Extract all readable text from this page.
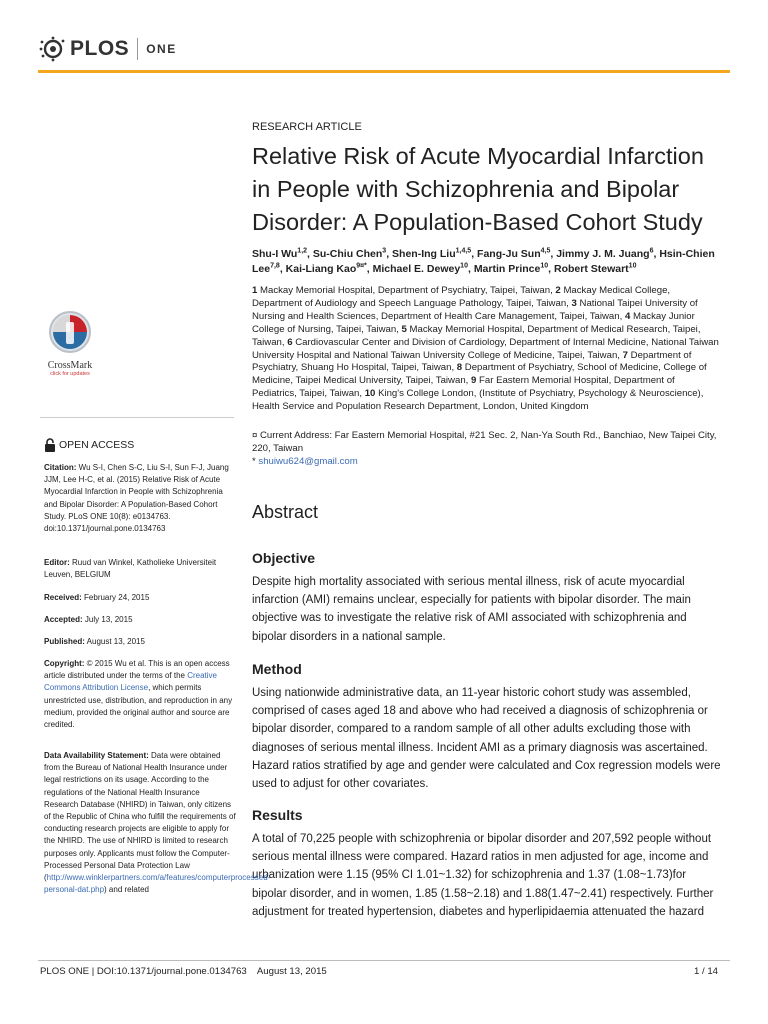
PLOS ONE
RESEARCH ARTICLE
Relative Risk of Acute Myocardial Infarction in People with Schizophrenia and Bipolar Disorder: A Population-Based Cohort Study
Shu-I Wu$^{1,2}$, Su-Chiu Chen$^3$, Shen-Ing Liu$^{1,4,5}$, Fang-Ju Sun$^{4,5}$, Jimmy J. M. Juang$^6$, Hsin-Chien Lee$^{7,8}$, Kai-Liang Kao$^{9¤*}$, Michael E. Dewey$^{10}$, Martin Prince$^{10}$, Robert Stewart$^{10}$
1 Mackay Memorial Hospital, Department of Psychiatry, Taipei, Taiwan, 2 Mackay Medical College, Department of Audiology and Speech Language Pathology, Taipei, Taiwan, 3 National Taipei University of Nursing and Health Sciences, Department of Health Care Management, Taipei, Taiwan, 4 Mackay Junior College of Nursing, Taipei, Taiwan, 5 Mackay Memorial Hospital, Department of Medical Research, Taipei, Taiwan, 6 Cardiovascular Center and Division of Cardiology, Department of Internal Medicine, National Taiwan University Hospital and National Taiwan University College of Medicine, Taipei, Taiwan, 7 Department of Psychiatry, Shuang Ho Hospital, Taipei, Taiwan, 8 Department of Psychiatry, School of Medicine, College of Medicine, Taipei Medical University, Taipei, Taiwan, 9 Far Eastern Memorial Hospital, Department of Pediatrics, Taipei, Taiwan, 10 King's College London, (Institute of Psychiatry, Psychology & Neuroscience), Health Service and Population Research Department, London, United Kingdom
¤ Current Address: Far Eastern Memorial Hospital, #21 Sec. 2, Nan-Ya South Rd., Banchiao, New Taipei City, 220, Taiwan
* shuiwu624@gmail.com
Abstract
Objective
Despite high mortality associated with serious mental illness, risk of acute myocardial infarction (AMI) remains unclear, especially for patients with bipolar disorder. The main objective was to investigate the relative risk of AMI associated with schizophrenia and bipolar disorders in a national sample.
Method
Using nationwide administrative data, an 11-year historic cohort study was assembled, comprised of cases aged 18 and above who had received a diagnosis of schizophrenia or bipolar disorder, compared to a random sample of all other adults excluding those with diagnoses of serious mental illness. Incident AMI as a primary diagnosis was ascertained. Hazard ratios stratified by age and gender were calculated and Cox regression models were used to adjust for other covariates.
Results
A total of 70,225 people with schizophrenia or bipolar disorder and 207,592 people without serious mental illness were compared. Hazard ratios in men adjusted for age, income and urbanization were 1.15 (95% CI 1.01~1.32) for schizophrenia and 1.37 (1.08~1.73)for bipolar disorder, and in women, 1.85 (1.58~2.18) and 1.88(1.47~2.41) respectively. Further adjustment for treated hypertension, diabetes and hyperlipidaemia attenuated the hazard
CrossMark
click for updates
OPEN ACCESS
Citation: Wu S-I, Chen S-C, Liu S-I, Sun F-J, Juang JJM, Lee H-C, et al. (2015) Relative Risk of Acute Myocardial Infarction in People with Schizophrenia and Bipolar Disorder: A Population-Based Cohort Study. PLoS ONE 10(8): e0134763. doi:10.1371/journal.pone.0134763
Editor: Ruud van Winkel, Katholieke Universiteit Leuven, BELGIUM
Received: February 24, 2015
Accepted: July 13, 2015
Published: August 13, 2015
Copyright: © 2015 Wu et al. This is an open access article distributed under the terms of the Creative Commons Attribution License, which permits unrestricted use, distribution, and reproduction in any medium, provided the original author and source are credited.
Data Availability Statement: Data were obtained from the Bureau of National Health Insurance under legal restrictions on its usage. According to the regulations of the National Health Insurance Research Database (NHIRD) in Taiwan, only citizens of the Republic of China who fulfill the requirements of conducting research projects are eligible to apply for the NHIRD. The use of NHIRD is limited to research purposes only. Applicants must follow the Computer-Processed Personal Data Protection Law (http://www.winklerpartners.com/a/features/computerprocessed-personal-dat.php) and related
PLOS ONE | DOI:10.1371/journal.pone.0134763    August 13, 2015	1 / 14
